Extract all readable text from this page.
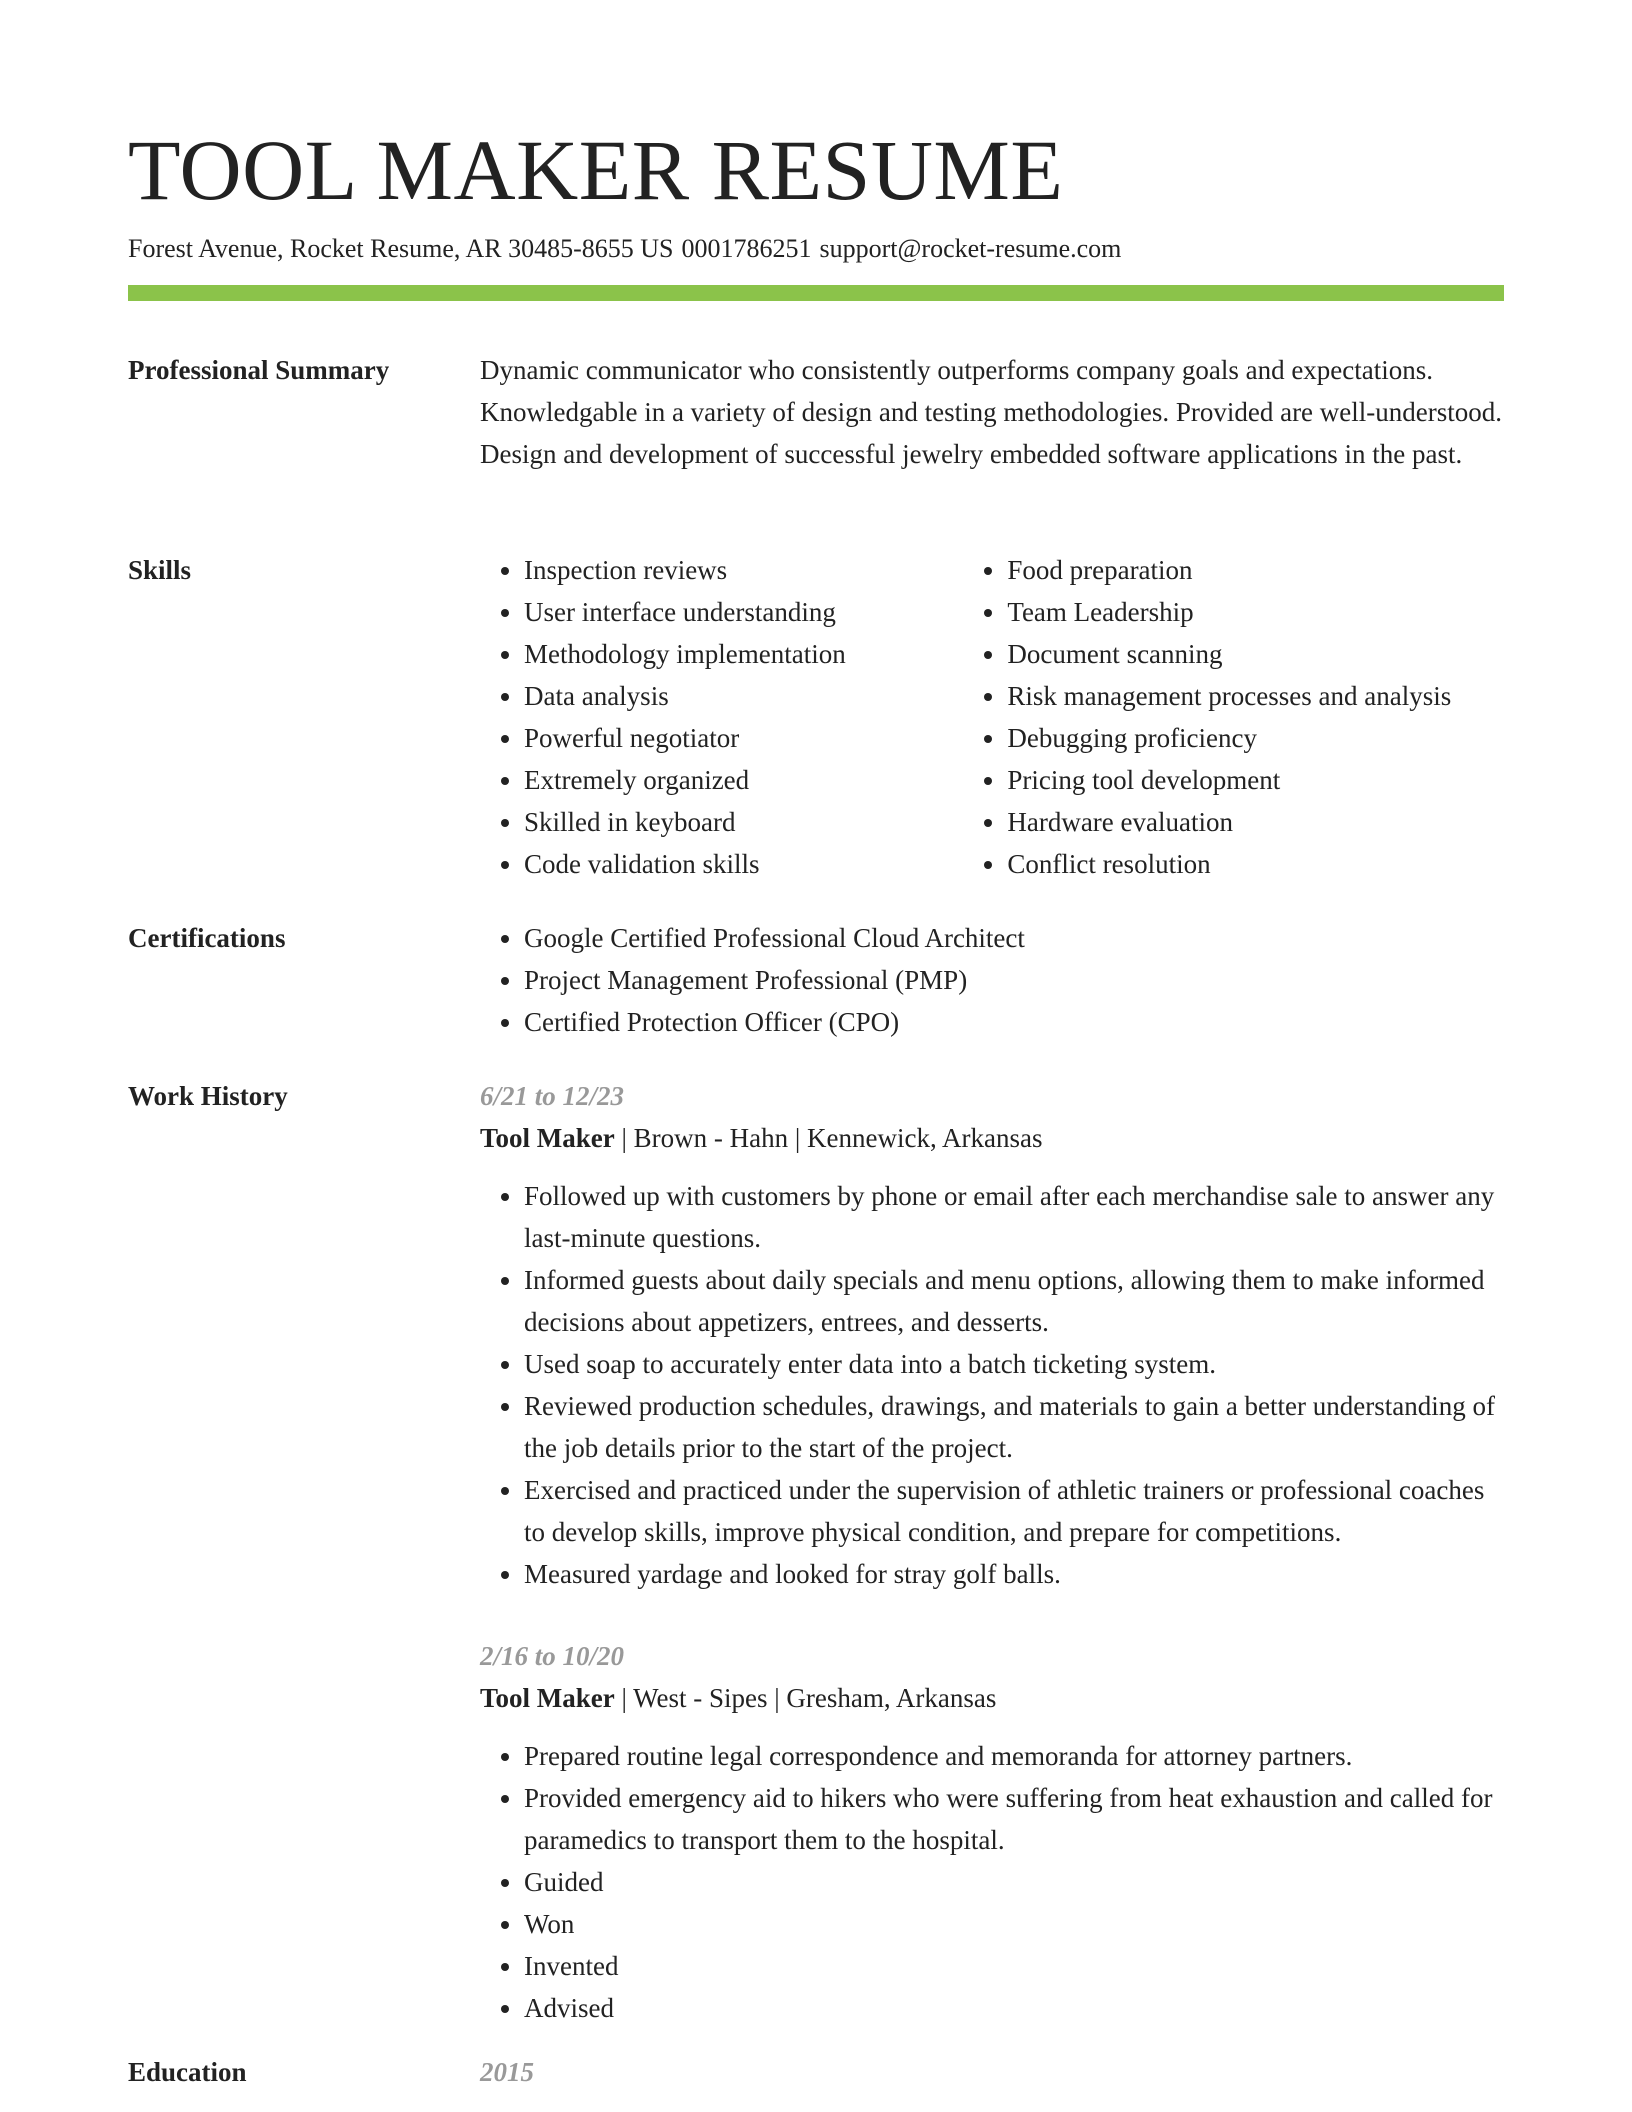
TOOL MAKER RESUME
Forest Avenue, Rocket Resume, AR 30485-8655 US 0001786251 support@rocket-resume.com
Professional Summary	Dynamic communicator who consistently outperforms company goals and expectations. Knowledgable in a variety of design and testing methodologies. Provided are well-understood. Design and development of successful jewelry embedded software applications in the past.

Skills	• Inspection reviews
• User interface understanding
• Methodology implementation
• Data analysis
• Powerful negotiator
• Extremely organized
• Skilled in keyboard
• Code validation skills
• Food preparation
• Team Leadership
• Document scanning
• Risk management processes and analysis
• Debugging proficiency
• Pricing tool development
• Hardware evaluation
• Conflict resolution
Certifications	• Google Certified Professional Cloud Architect
• Project Management Professional (PMP)
• Certified Protection Officer (CPO)
Work History	6/21 to 12/23
Tool Maker | Brown - Hahn | Kennewick, Arkansas
• Followed up with customers by phone or email after each merchandise sale to answer any last-minute questions.
• Informed guests about daily specials and menu options, allowing them to make informed decisions about appetizers, entrees, and desserts.
• Used soap to accurately enter data into a batch ticketing system.
• Reviewed production schedules, drawings, and materials to gain a better understanding of the job details prior to the start of the project.
• Exercised and practiced under the supervision of athletic trainers or professional coaches to develop skills, improve physical condition, and prepare for competitions.
• Measured yardage and looked for stray golf balls.
2/16 to 10/20
Tool Maker | West - Sipes | Gresham, Arkansas
• Prepared routine legal correspondence and memoranda for attorney partners.
• Provided emergency aid to hikers who were suffering from heat exhaustion and called for paramedics to transport them to the hospital.
• Guided
• Won
• Invented
• Advised
Education	2015
